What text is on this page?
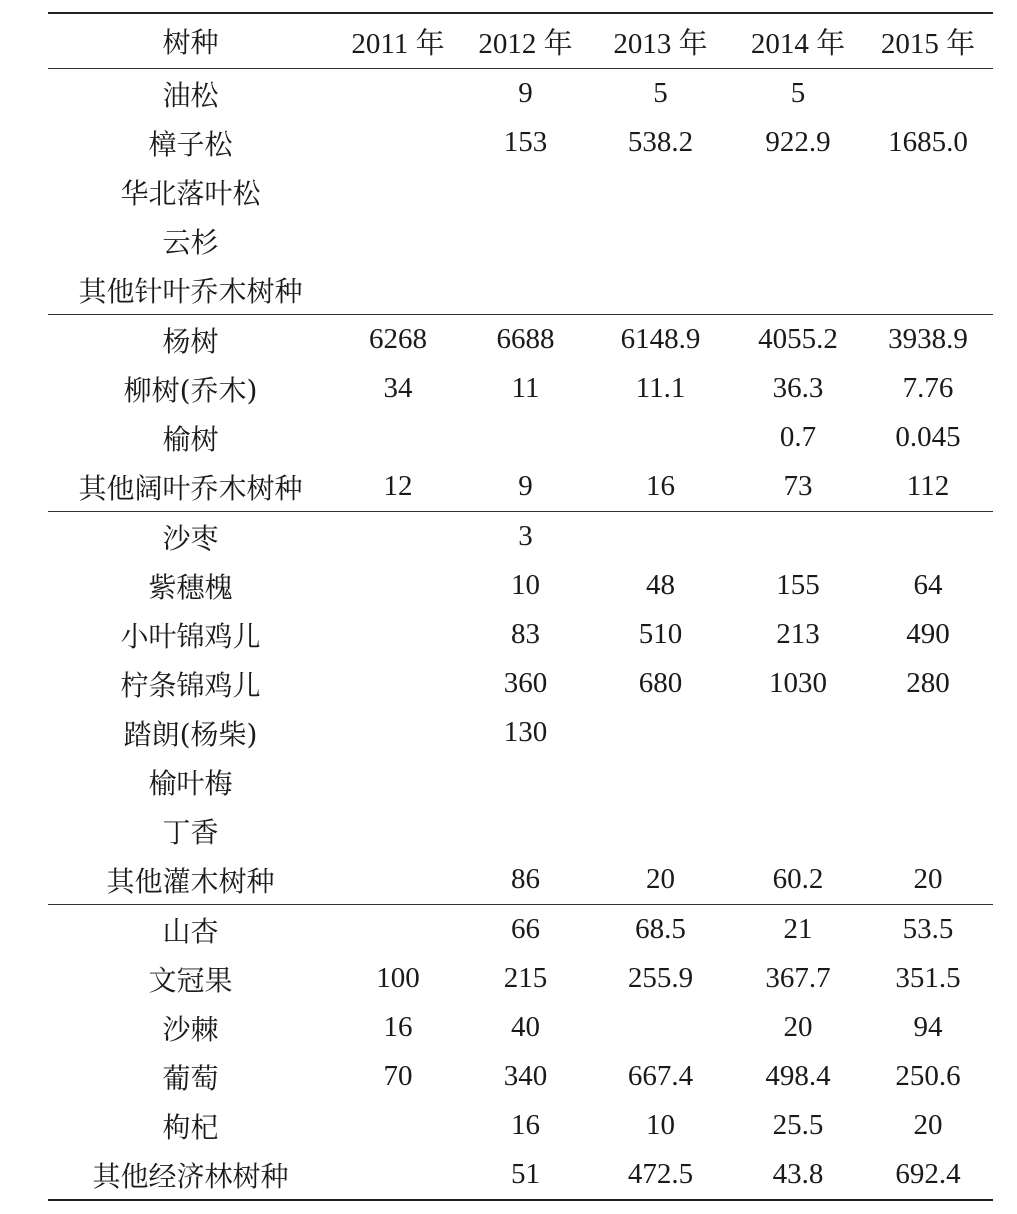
树种	2011 年	2012 年	2013 年	2014 年	2015 年
油松		9	5	5	
樟子松		153	538.2	922.9	1685.0
华北落叶松					
云杉					
其他针叶乔木树种					
杨树	6268	6688	6148.9	4055.2	3938.9
柳树(乔木)	34	11	11.1	36.3	7.76
榆树				0.7	0.045
其他阔叶乔木树种	12	9	16	73	112
沙枣		3			
紫穗槐		10	48	155	64
小叶锦鸡儿		83	510	213	490
柠条锦鸡儿		360	680	1030	280
踏朗(杨柴)		130			
榆叶梅					
丁香					
其他灌木树种		86	20	60.2	20
山杏		66	68.5	21	53.5
文冠果	100	215	255.9	367.7	351.5
沙棘	16	40		20	94
葡萄	70	340	667.4	498.4	250.6
枸杞		16	10	25.5	20
其他经济林树种		51	472.5	43.8	692.4
